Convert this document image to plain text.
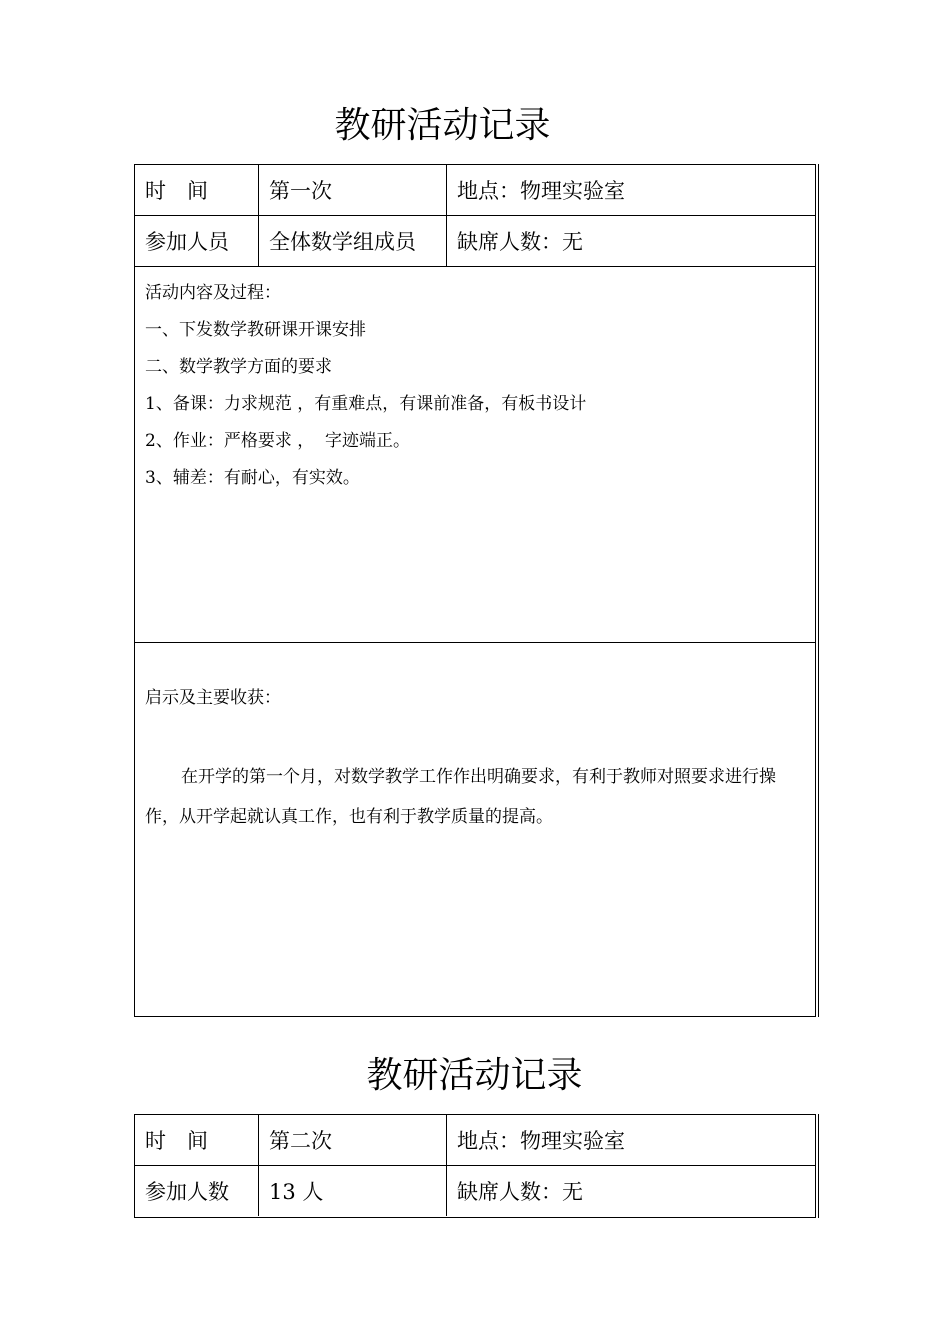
教研活动记录
时　间	第一次	地点：物理实验室
参加人员	全体数学组成员	缺席人数：无

活动内容及过程：

一、下发数学教研课开课安排

二、数学教学方面的要求

1、备课：力求规范 ，有重难点，有课前准备，有板书设计

2、作业：严格要求 ，  字迹端正。

3、辅差：有耐心，有实效。

启示及主要收获：
在开学的第一个月，对数学教学工作作出明确要求，有利于教师对照要求进行操作，从开学起就认真工作，也有利于教学质量的提高。
教研活动记录
时　间	第二次	地点：物理实验室
参加人数	13 人	缺席人数：无
